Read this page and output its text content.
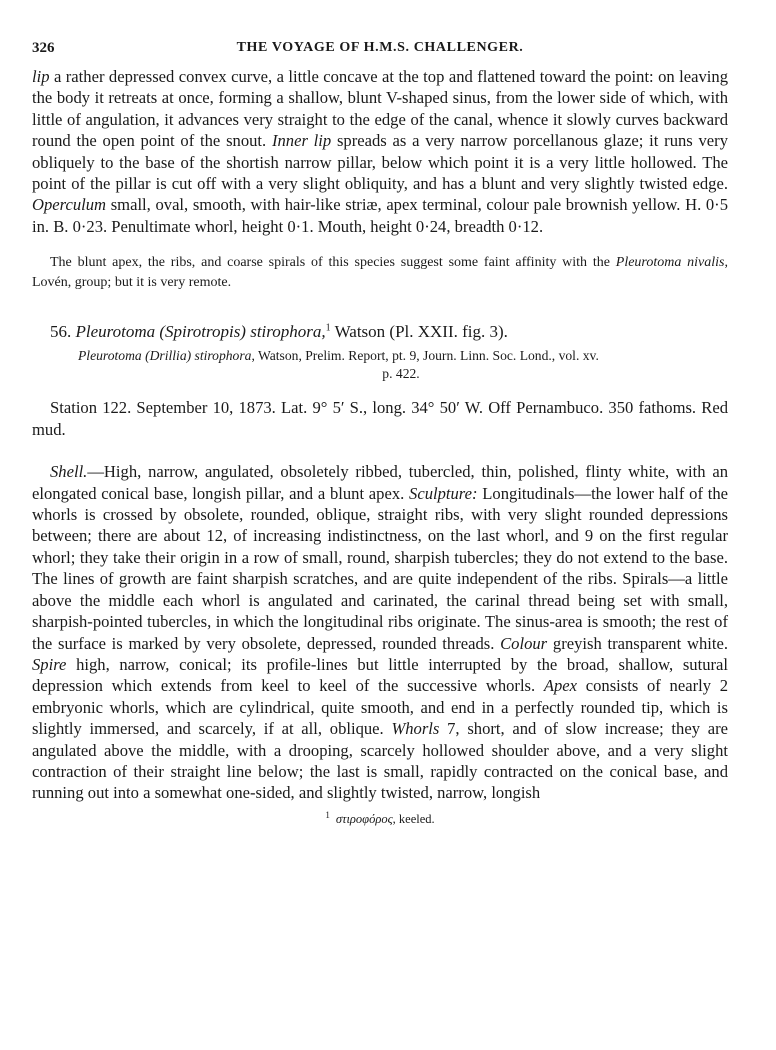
326	THE VOYAGE OF H.M.S. CHALLENGER.

lip a rather depressed convex curve, a little concave at the top and flattened toward the point: on leaving the body it retreats at once, forming a shallow, blunt V-shaped sinus, from the lower side of which, with little of angulation, it advances very straight to the edge of the canal, whence it slowly curves backward round the open point of the snout. Inner lip spreads as a very narrow porcellanous glaze; it runs very obliquely to the base of the shortish narrow pillar, below which point it is a very little hollowed. The point of the pillar is cut off with a very slight obliquity, and has a blunt and very slightly twisted edge. Operculum small, oval, smooth, with hair-like striæ, apex terminal, colour pale brownish yellow. H. 0·5 in. B. 0·23. Penultimate whorl, height 0·1. Mouth, height 0·24, breadth 0·12.

The blunt apex, the ribs, and coarse spirals of this species suggest some faint affinity with the Pleurotoma nivalis, Lovén, group; but it is very remote.

56. Pleurotoma (Spirotropis) stirophora,$^1$ Watson (Pl. XXII. fig. 3).

Pleurotoma (Drillia) stirophora, Watson, Prelim. Report, pt. 9, Journ. Linn. Soc. Lond., vol. xv.
p. 422.

Station 122. September 10, 1873. Lat. 9° 5′ S., long. 34° 50′ W. Off Pernambuco. 350 fathoms. Red mud.

Shell.—High, narrow, angulated, obsoletely ribbed, tubercled, thin, polished, flinty white, with an elongated conical base, longish pillar, and a blunt apex. Sculpture: Longitudinals—the lower half of the whorls is crossed by obsolete, rounded, oblique, straight ribs, with very slight rounded depressions between; there are about 12, of increasing indistinctness, on the last whorl, and 9 on the first regular whorl; they take their origin in a row of small, round, sharpish tubercles; they do not extend to the base. The lines of growth are faint sharpish scratches, and are quite independent of the ribs. Spirals—a little above the middle each whorl is angulated and carinated, the carinal thread being set with small, sharpish-pointed tubercles, in which the longitudinal ribs originate. The sinus-area is smooth; the rest of the surface is marked by very obsolete, depressed, rounded threads. Colour greyish transparent white. Spire high, narrow, conical; its profile-lines but little interrupted by the broad, shallow, sutural depression which extends from keel to keel of the successive whorls. Apex consists of nearly 2 embryonic whorls, which are cylindrical, quite smooth, and end in a perfectly rounded tip, which is slightly immersed, and scarcely, if at all, oblique. Whorls 7, short, and of slow increase; they are angulated above the middle, with a drooping, scarcely hollowed shoulder above, and a very slight contraction of their straight line below; the last is small, rapidly contracted on the conical base, and running out into a somewhat one-sided, and slightly twisted, narrow, longish

$^1$ στιροφόρος, keeled.
